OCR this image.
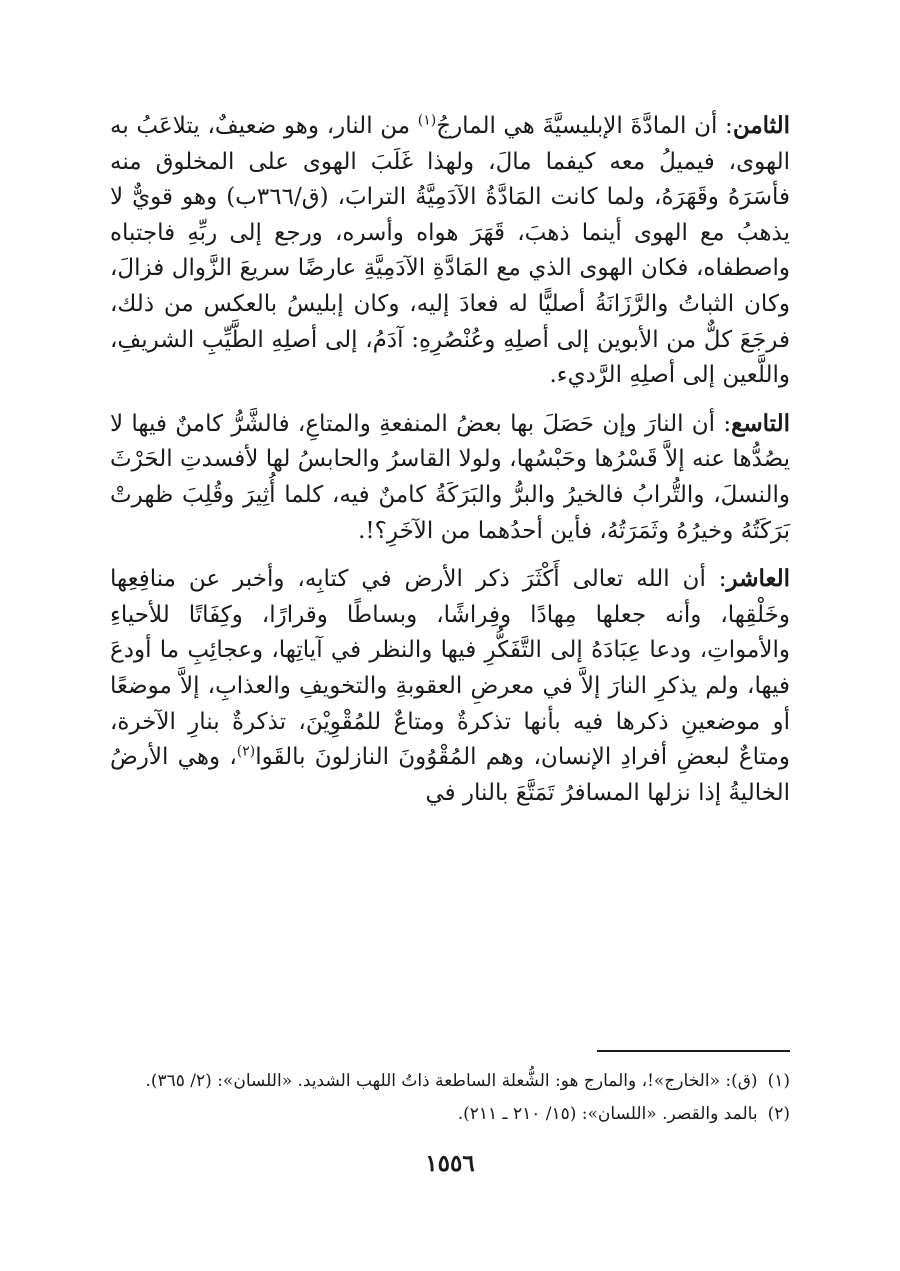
الثامن: أن المادَّةَ الإبليسيَّةَ هي المارجُ$^{(١)}$ من النار، وهو ضعيفٌ، يتلاعَبُ به الهوى، فيميلُ معه كيفما مالَ، ولهذا غَلَبَ الهوى على المخلوق منه فأسَرَهُ وقَهَرَهُ، ولما كانت المَادَّةُ الآدَمِيَّةُ الترابَ، (ق/٣٦٦ب) وهو قويٌّ لا يذهبُ مع الهوى أينما ذهبَ، قَهَرَ هواه وأسره، ورجع إلى ربِّهِ فاجتباه واصطفاه، فكان الهوى الذي مع المَادَّةِ الآدَمِيَّةِ عارضًا سريعَ الزَّوال فزالَ، وكان الثباتُ والرَّزَانَةُ أصليًّا له فعادَ إليه، وكان إبليسُ بالعكس من ذلك، فرجَعَ كلٌّ من الأبوين إلى أصلِهِ وعُنْصُرِهِ: آدَمُ، إلى أصلِهِ الطَّيِّبِ الشريفِ، واللَّعين إلى أصلِهِ الرَّديء.

التاسع: أن النارَ وإن حَصَلَ بها بعضُ المنفعةِ والمتاعِ، فالشَّرُّ كامنٌ فيها لا يصُدُّها عنه إلاَّ قَسْرُها وحَبْسُها، ولولا القاسرُ والحابسُ لها لأفسدتِ الحَرْثَ والنسلَ، والتُّرابُ فالخيرُ والبرُّ والبَرَكَةُ كامنٌ فيه، كلما أُثِيرَ وقُلِبَ ظهرتْ بَرَكَتُهُ وخيرُهُ وثَمَرَتُهُ، فأين أحدُهما من الآخَرِ؟!.

العاشر: أن الله تعالى أَكْثَرَ ذكر الأرض في كتابِه، وأخبر عن منافِعِها وخَلْقِها، وأنه جعلها مِهادًا وفِراشًا، وبساطًا وقرارًا، وكِفَاتًا للأحياءِ والأمواتِ، ودعا عِبَادَهُ إلى التَّفَكُّرِ فيها والنظر في آياتِها، وعجائِبِ ما أودعَ فيها، ولم يذكرِ النارَ إلاَّ في معرضِ العقوبةِ والتخويفِ والعذابِ، إلاَّ موضعًا أو موضعينِ ذكرها فيه بأنها تذكرةٌ ومتاعٌ للمُقْوِيْنَ، تذكرةٌ بنارِ الآخرة، ومتاعٌ لبعضِ أفرادِ الإنسان، وهم المُقْوُونَ النازلونَ بالقَوا$^{(٢)}$، وهي الأرضُ الخاليةُ إذا نزلها المسافرُ تَمَتَّعَ بالنار في

(١)(ق): «الخارج»!، والمارج هو: الشُّعلة الساطعة ذاتُ اللهب الشديد. «اللسان»: (٢/ ٣٦٥).

(٢)بالمد والقصر. «اللسان»: (١٥/ ٢١٠ ـ ٢١١).

١٥٥٦
